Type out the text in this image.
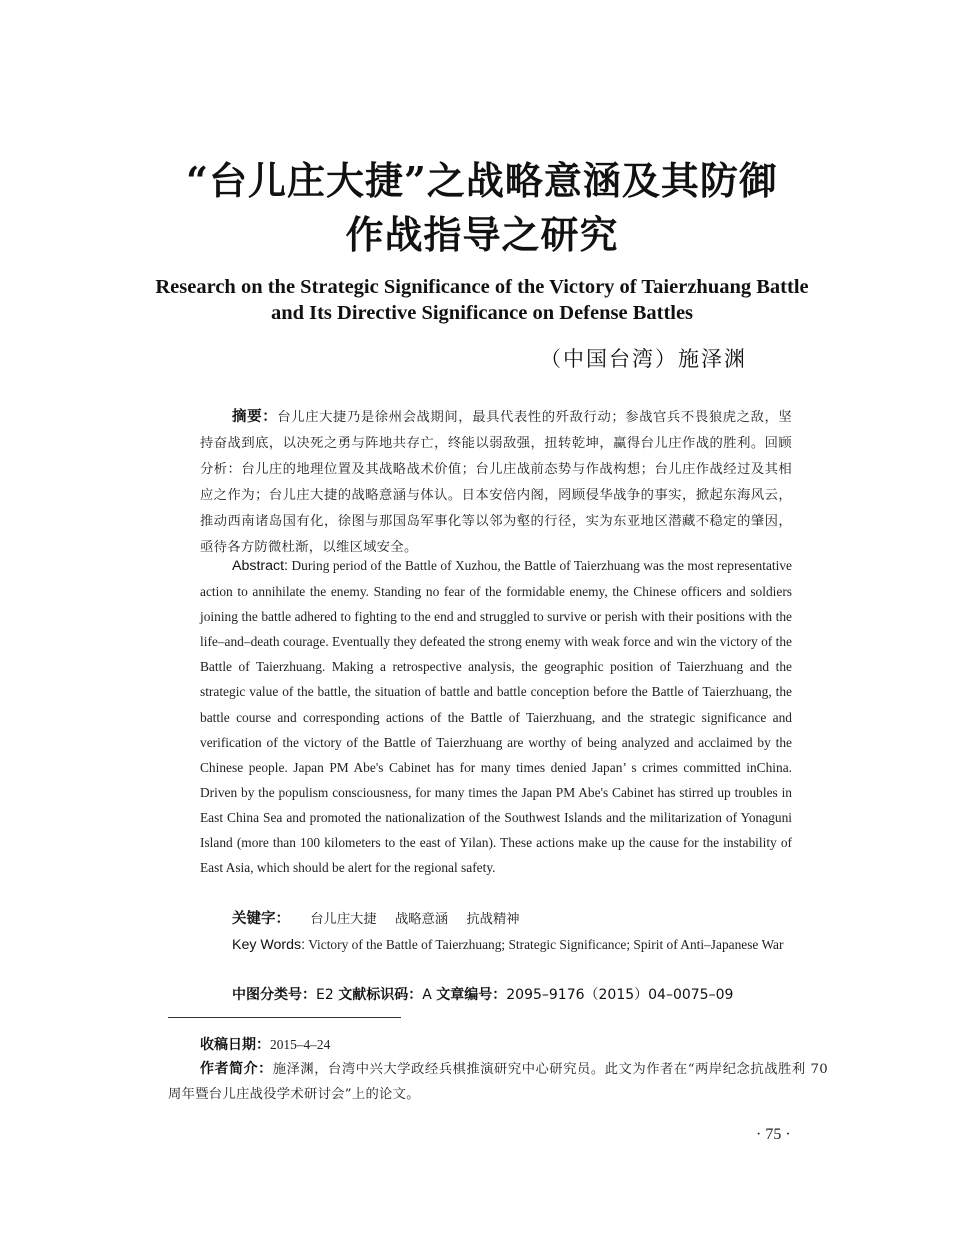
“台儿庄大捷”之战略意涵及其防御
作战指导之研究
Research on the Strategic Significance of the Victory of Taierzhuang Battle
and Its Directive Significance on Defense Battles
（中国台湾）施泽渊
摘要：台儿庄大捷乃是徐州会战期间，最具代表性的歼敌行动；参战官兵不畏狼虎之敌，坚持奋战到底，以决死之勇与阵地共存亡，终能以弱敌强，扭转乾坤，赢得台儿庄作战的胜利。回顾分析：台儿庄的地理位置及其战略战术价值；台儿庄战前态势与作战构想；台儿庄作战经过及其相应之作为；台儿庄大捷的战略意涵与体认。日本安倍内阁，罔顾侵华战争的事实，掀起东海风云，推动西南诸岛国有化，徐图与那国岛军事化等以邻为壑的行径，实为东亚地区潜藏不稳定的肇因，亟待各方防微杜渐，以维区域安全。
Abstract: During period of the Battle of Xuzhou, the Battle of Taierzhuang was the most representative action to annihilate the enemy. Standing no fear of the formidable enemy, the Chinese officers and soldiers joining the battle adhered to fighting to the end and struggled to survive or perish with their positions with the life–and–death courage. Eventually they defeated the strong enemy with weak force and win the victory of the Battle of Taierzhuang. Making a retrospective analysis, the geographic position of Taierzhuang and the strategic value of the battle, the situation of battle and battle conception before the Battle of Taierzhuang, the battle course and corresponding actions of the Battle of Taierzhuang, and the strategic significance and verification of the victory of the Battle of Taierzhuang are worthy of being analyzed and acclaimed by the Chinese people. Japan PM Abe's Cabinet has for many times denied Japan’ s crimes committed inChina. Driven by the populism consciousness, for many times the Japan PM Abe's Cabinet has stirred up troubles in East China Sea and promoted the nationalization of the Southwest Islands and the militarization of Yonaguni Island (more than 100 kilometers to the east of Yilan). These actions make up the cause for the instability of East Asia, which should be alert for the regional safety.
关键字： 台儿庄大捷 战略意涵 抗战精神
Key Words: Victory of the Battle of Taierzhuang; Strategic Significance; Spirit of Anti–Japanese War
中图分类号：E2 文献标识码：A 文章编号：2095–9176（2015）04–0075–09
收稿日期：2015–4–24
作者简介：施泽渊，台湾中兴大学政经兵棋推演研究中心研究员。此文为作者在“两岸纪念抗战胜利 70 周年暨台儿庄战役学术研讨会”上的论文。
· 75 ·
